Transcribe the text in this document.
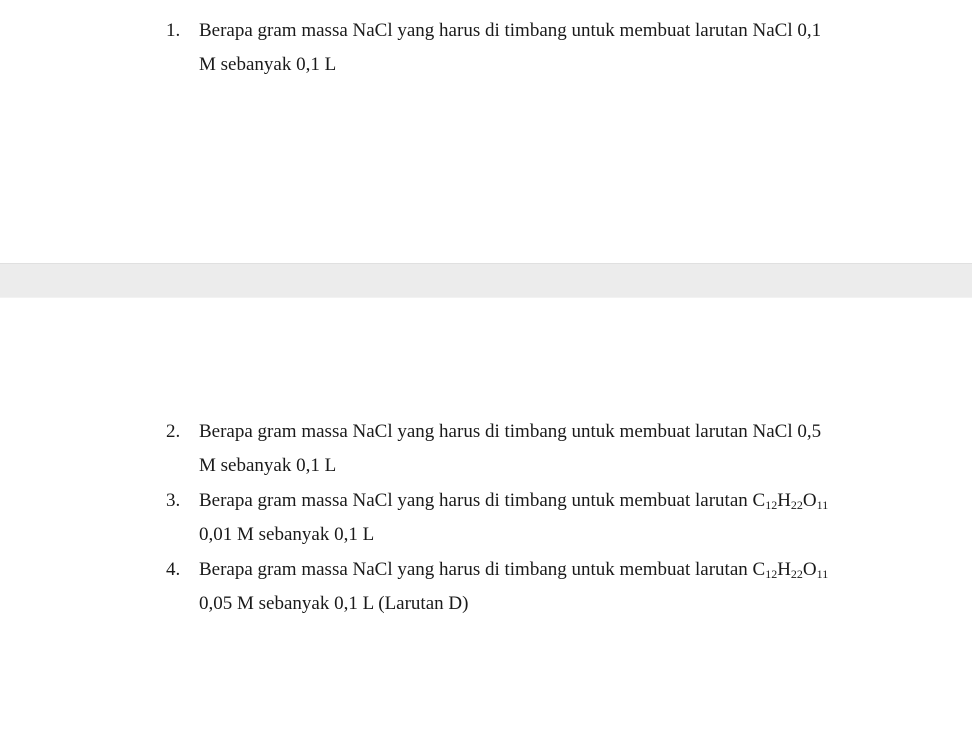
1. Berapa gram massa NaCl yang harus di timbang untuk membuat larutan NaCl 0,1
M sebanyak 0,1 L
2. Berapa gram massa NaCl yang harus di timbang untuk membuat larutan NaCl 0,5
M sebanyak 0,1 L
3. Berapa gram massa NaCl yang harus di timbang untuk membuat larutan $C_{12}H_{22}O_{11}$
0,01 M sebanyak 0,1 L
4. Berapa gram massa NaCl yang harus di timbang untuk membuat larutan $C_{12}H_{22}O_{11}$
0,05 M sebanyak 0,1 L (Larutan D)
